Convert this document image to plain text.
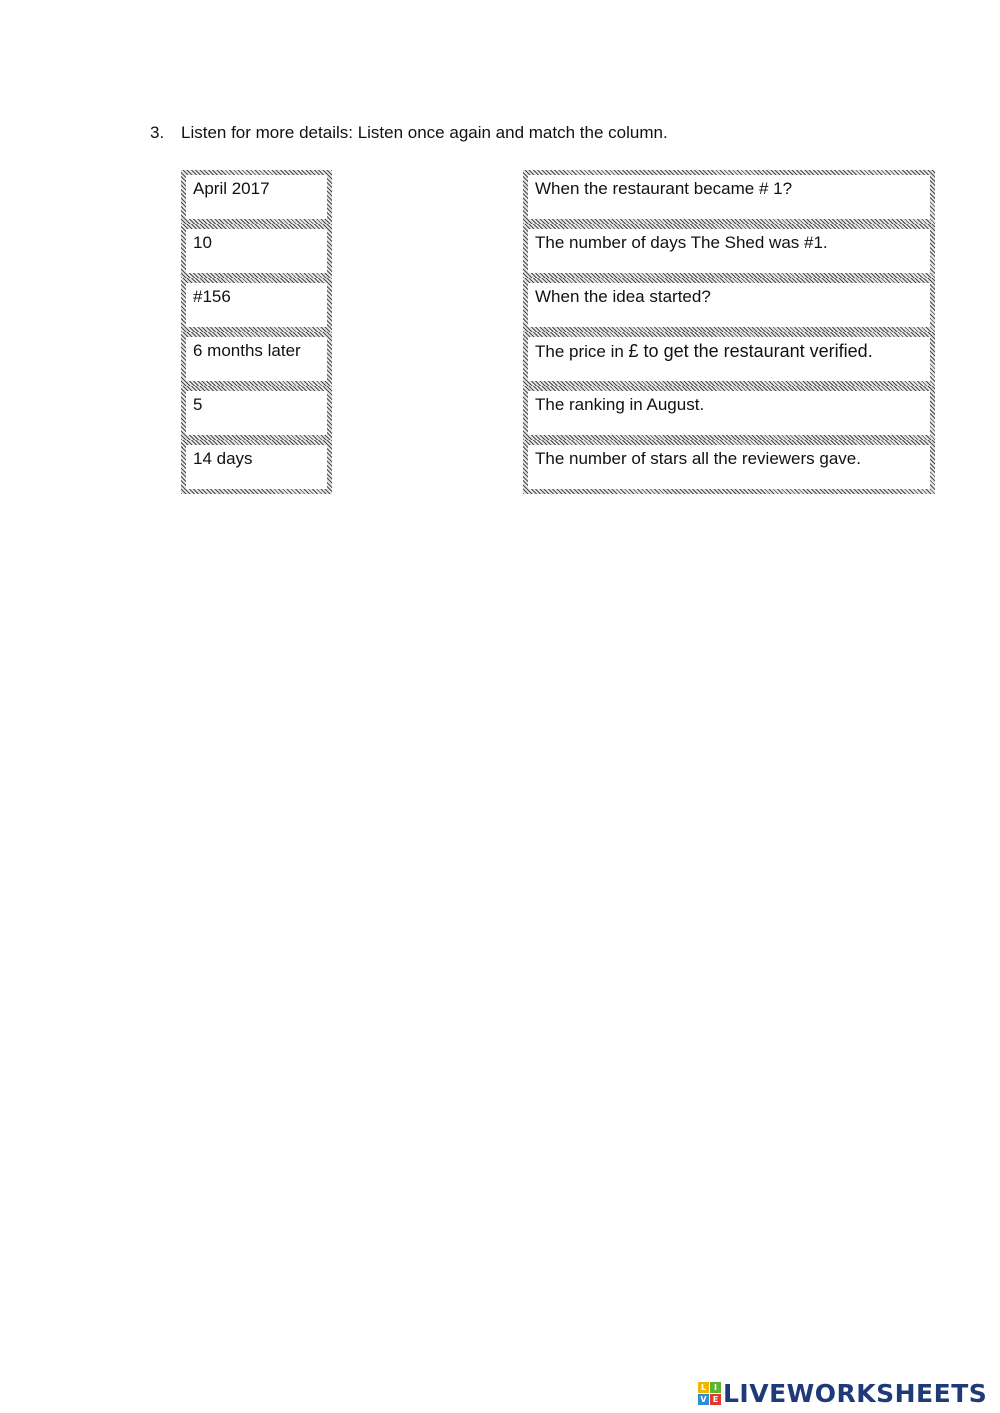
3. Listen for more details: Listen once again and match the column.
April 2017
10
#156
6 months later
5
14 days
When the restaurant became # 1?
The number of days The Shed was #1.
When the idea started?
The price in £ to get the restaurant verified.
The ranking in August.
The number of stars all the reviewers gave.
L I
V E LIVEWORKSHEETS
